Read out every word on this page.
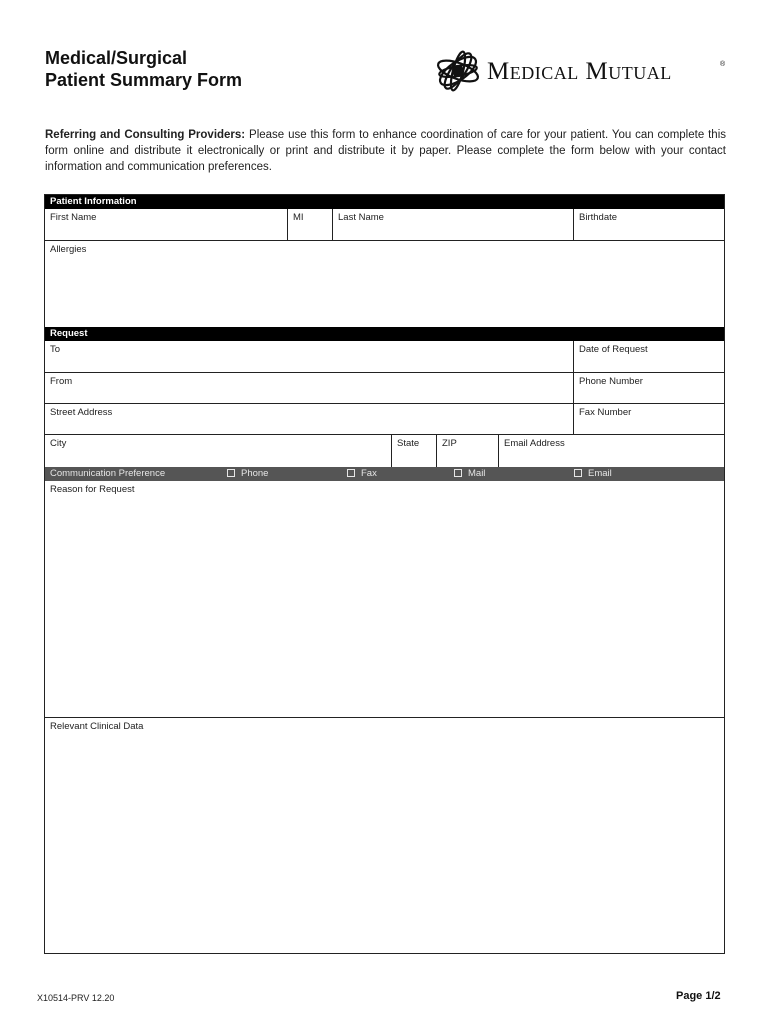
Medical/Surgical
Patient Summary Form	Medical Mutual	®
Referring and Consulting Providers: Please use this form to enhance coordination of care for your patient. You can complete this form online and distribute it electronically or print and distribute it by paper. Please complete the form below with your contact information and communication preferences.
Patient Information
First Name	MI	Last Name	Birthdate
Allergies
Request
To	Date of Request
From	Phone Number
Street Address	Fax Number
City	State	ZIP	Email Address
Communication Preference	Phone	Fax	Mail	Email
Reason for Request
Relevant Clinical Data
X10514-PRV 12.20	Page 1/2
